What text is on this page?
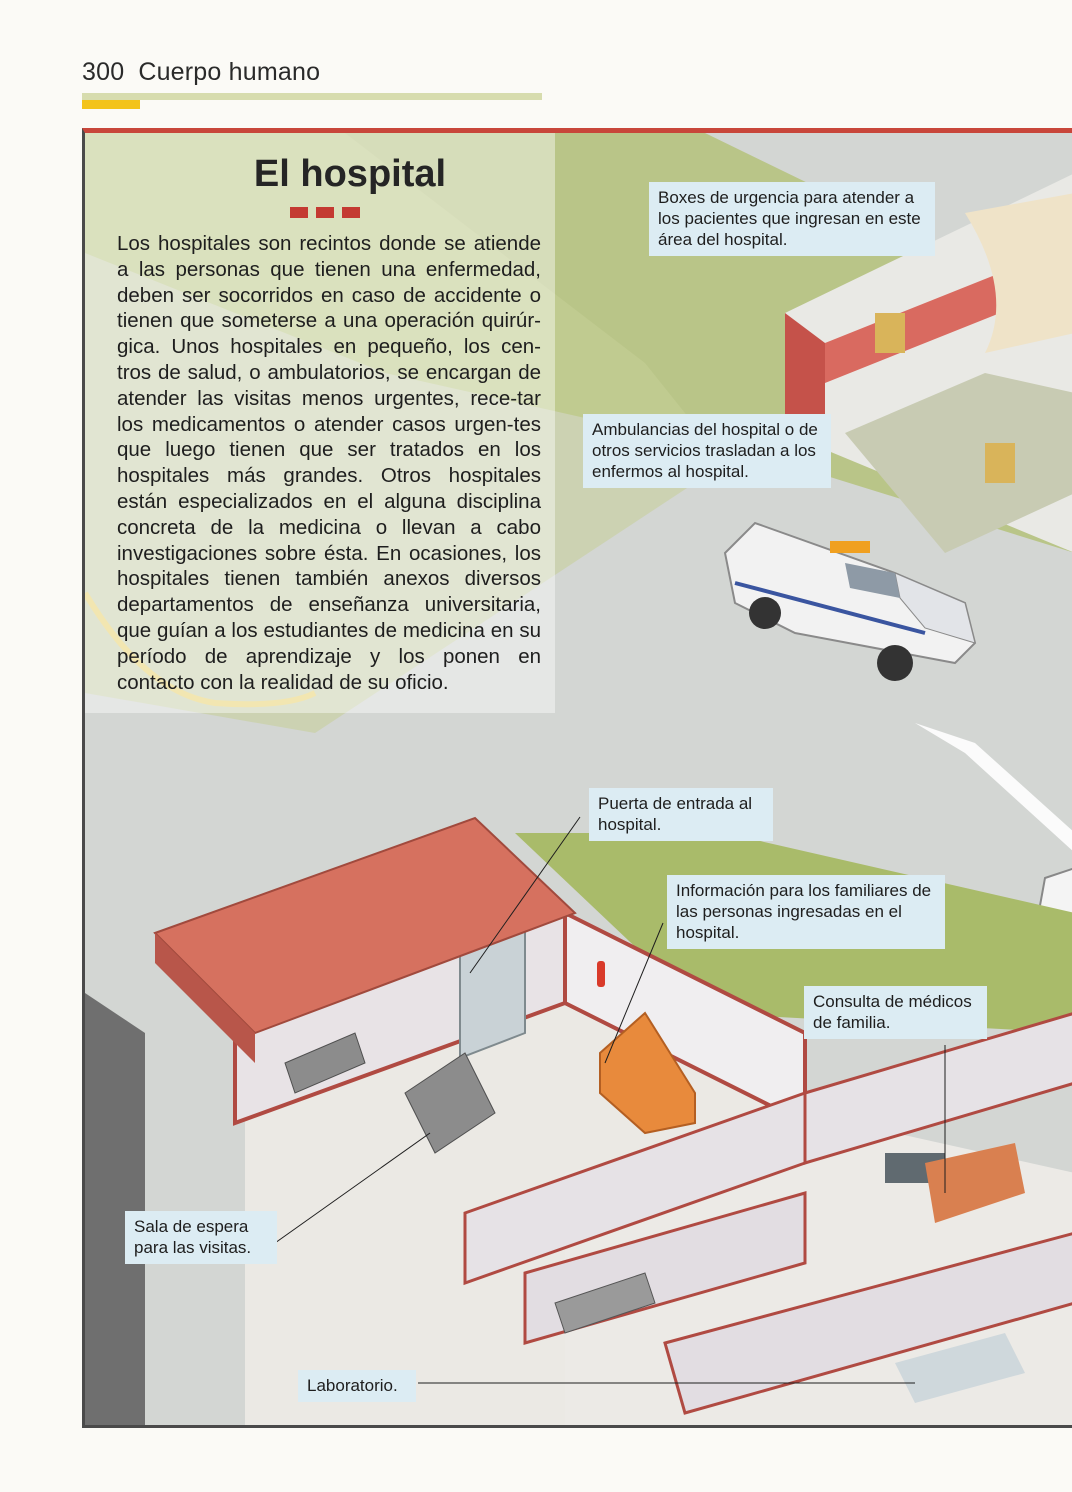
300 Cuerpo humano
El hospital
Los hospitales son recintos donde se atiende a las personas que tienen una enfermedad, deben ser socorridos en caso de accidente o tienen que someterse a una operación quirúr-gica. Unos hospitales en pequeño, los cen-tros de salud, o ambulatorios, se encargan de atender las visitas menos urgentes, rece-tar los medicamentos o atender casos urgen-tes que luego tienen que ser tratados en los hospitales más grandes. Otros hospitales están especializados en el alguna disciplina concreta de la medicina o llevan a cabo investigaciones sobre ésta. En ocasiones, los hospitales tienen también anexos diversos departamentos de enseñanza universitaria, que guían a los estudiantes de medicina en su período de aprendizaje y los ponen en contacto con la realidad de su oficio.
Boxes de urgencia para atender a los pacientes que ingresan en este área del hospital.
Ambulancias del hospital o de otros servicios trasladan a los enfermos al hospital.
Puerta de entrada al hospital.
Información para los familiares de las personas ingresadas en el hospital.
Consulta de médicos de familia.
Sala de espera para las visitas.
Laboratorio.
